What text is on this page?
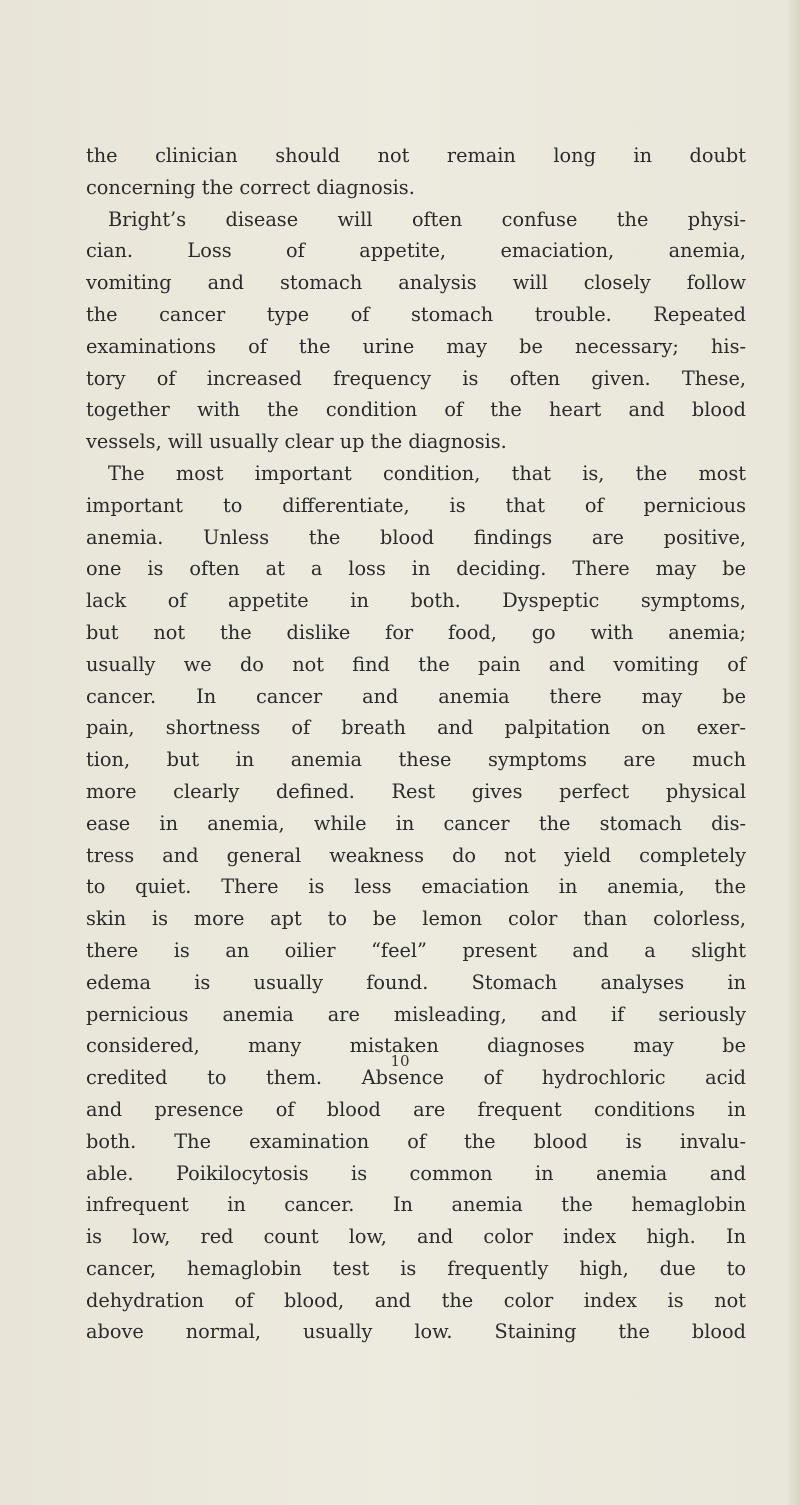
the clinician should not remain long in doubt
concerning the correct diagnosis.
Bright’s disease will often confuse the physi-
cian. Loss of appetite, emaciation, anemia,
vomiting and stomach analysis will closely follow
the cancer type of stomach trouble. Repeated
examinations of the urine may be necessary; his-
tory of increased frequency is often given. These,
together with the condition of the heart and blood
vessels, will usually clear up the diagnosis.
The most important condition, that is, the most
important to differentiate, is that of pernicious
anemia. Unless the blood findings are positive,
one is often at a loss in deciding. There may be
lack of appetite in both. Dyspeptic symptoms,
but not the dislike for food, go with anemia;
usually we do not find the pain and vomiting of
cancer. In cancer and anemia there may be
pain, shortness of breath and palpitation on exer-
tion, but in anemia these symptoms are much
more clearly defined. Rest gives perfect physical
ease in anemia, while in cancer the stomach dis-
tress and general weakness do not yield completely
to quiet. There is less emaciation in anemia, the
skin is more apt to be lemon color than colorless,
there is an oilier “feel” present and a slight
edema is usually found. Stomach analyses in
pernicious anemia are misleading, and if seriously
considered, many mistaken diagnoses may be
credited to them. Absence of hydrochloric acid
and presence of blood are frequent conditions in
both. The examination of the blood is invalu-
able. Poikilocytosis is common in anemia and
infrequent in cancer. In anemia the hemaglobin
is low, red count low, and color index high. In
cancer, hemaglobin test is frequently high, due to
dehydration of blood, and the color index is not
above normal, usually low. Staining the blood
10
